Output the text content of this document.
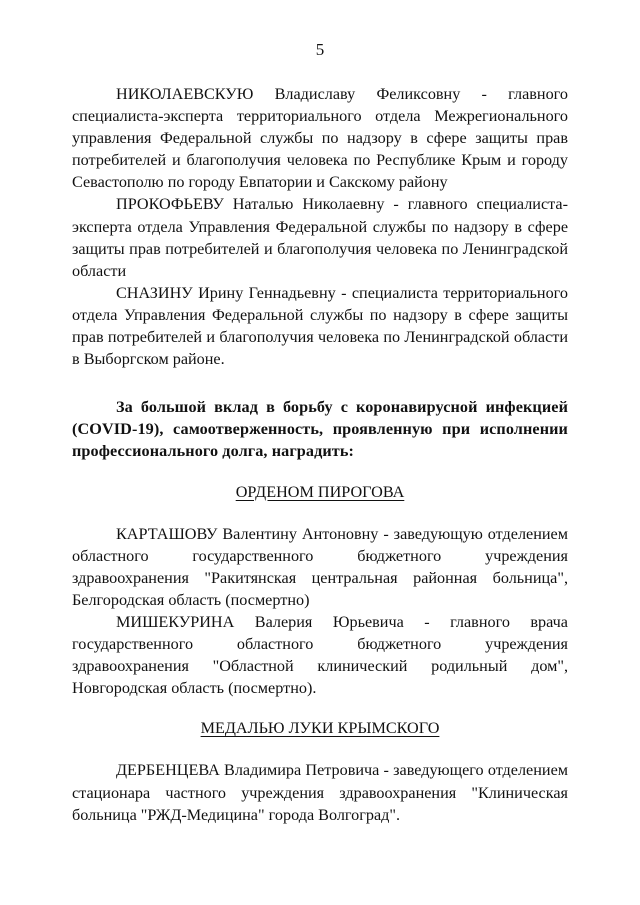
5

НИКОЛАЕВСКУЮ Владиславу Феликсовну - главного специалиста-эксперта территориального отдела Межрегионального управления Федеральной службы по надзору в сфере защиты прав потребителей и благополучия человека по Республике Крым и городу Севастополю по городу Евпатории и Сакскому району

ПРОКОФЬЕВУ Наталью Николаевну - главного специалиста-эксперта отдела Управления Федеральной службы по надзору в сфере защиты прав потребителей и благополучия человека по Ленинградской области

СНАЗИНУ Ирину Геннадьевну - специалиста территориального отдела Управления Федеральной службы по надзору в сфере защиты прав потребителей и благополучия человека по Ленинградской области в Выборгском районе.

За большой вклад в борьбу с коронавирусной инфекцией (COVID-19), самоотверженность, проявленную при исполнении профессионального долга, наградить:

ОРДЕНОМ ПИРОГОВА

КАРТАШОВУ Валентину Антоновну - заведующую отделением областного государственного бюджетного учреждения здравоохранения "Ракитянская центральная районная больница", Белгородская область (посмертно)

МИШЕКУРИНА Валерия Юрьевича - главного врача государственного областного бюджетного учреждения здравоохранения "Областной клинический родильный дом", Новгородская область (посмертно).

МЕДАЛЬЮ ЛУКИ КРЫМСКОГО

ДЕРБЕНЦЕВА Владимира Петровича - заведующего отделением стационара частного учреждения здравоохранения "Клиническая больница "РЖД-Медицина" города Волгоград".
